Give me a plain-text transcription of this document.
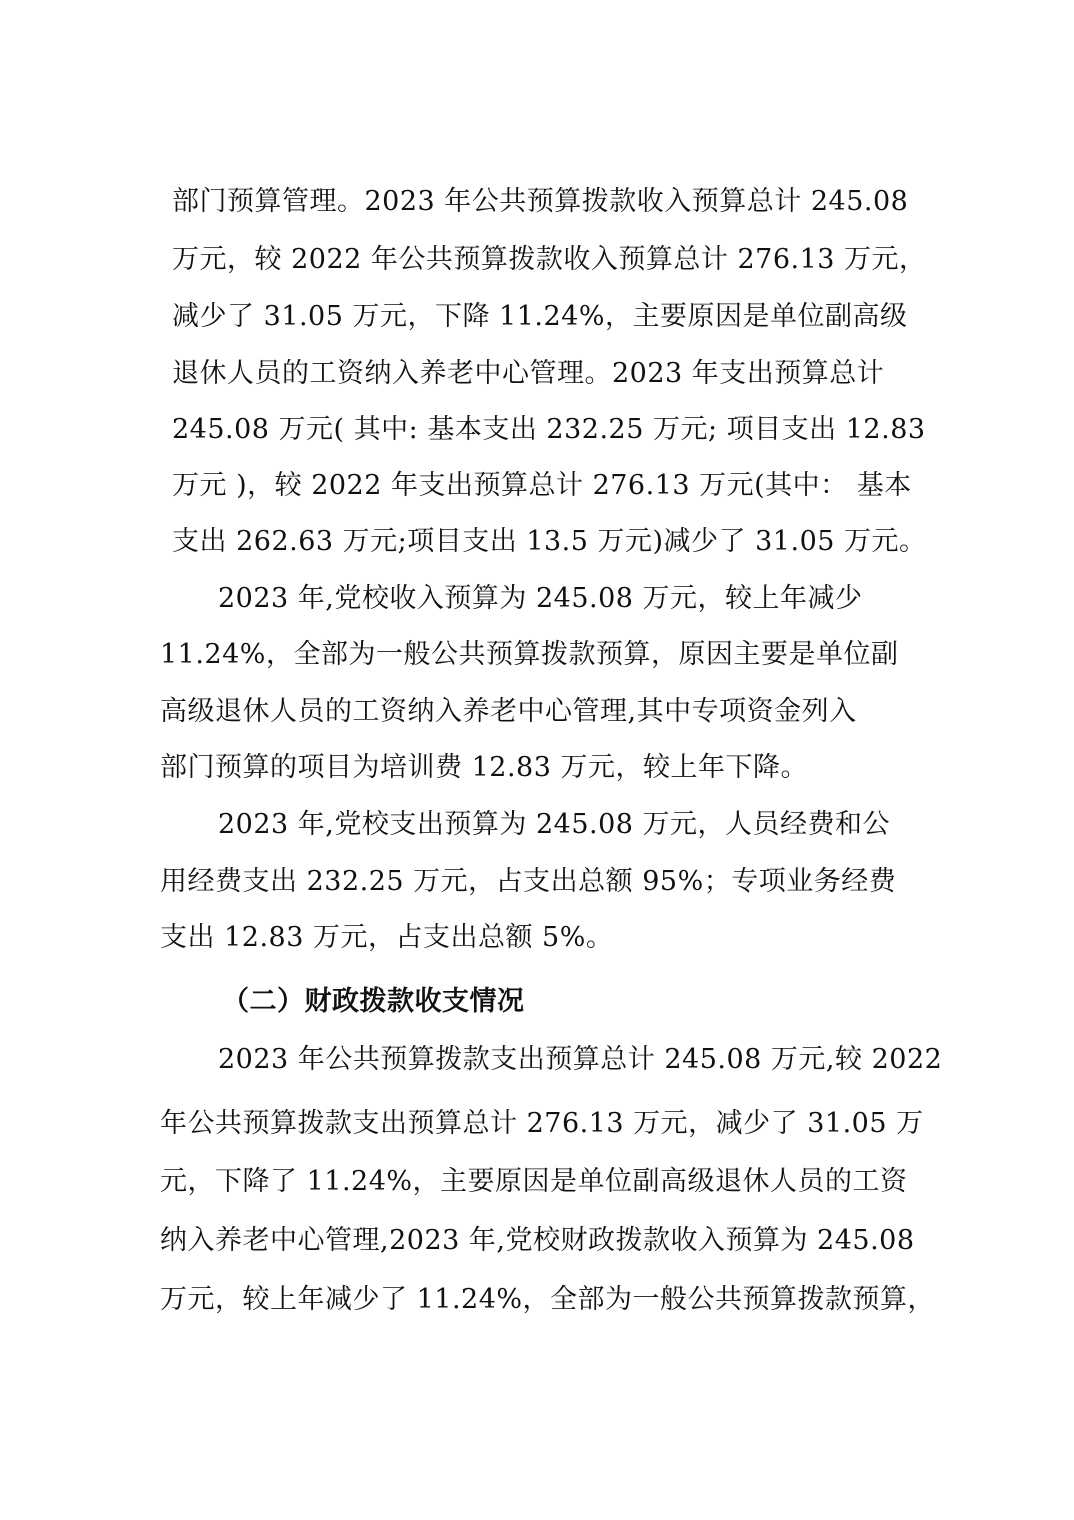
部门预算管理。2023 年公共预算拨款收入预算总计 245.08
万元，较 2022 年公共预算拨款收入预算总计 276.13 万元，
减少了 31.05 万元，下降 11.24%，主要原因是单位副高级
退休人员的工资纳入养老中心管理。2023 年支出预算总计
245.08 万元( 其中: 基本支出 232.25 万元; 项目支出 12.83
万元 )，较 2022 年支出预算总计 276.13 万元(其中： 基本
支出 262.63 万元;项目支出 13.5 万元)减少了 31.05 万元。
2023 年,党校收入预算为 245.08 万元，较上年减少
11.24%，全部为一般公共预算拨款预算，原因主要是单位副
高级退休人员的工资纳入养老中心管理,其中专项资金列入
部门预算的项目为培训费 12.83 万元，较上年下降。
2023 年,党校支出预算为 245.08 万元，人员经费和公
用经费支出 232.25 万元，占支出总额 95%；专项业务经费
支出 12.83 万元，占支出总额 5%。
（二）财政拨款收支情况
2023 年公共预算拨款支出预算总计 245.08 万元,较 2022
年公共预算拨款支出预算总计 276.13 万元，减少了 31.05 万
元，下降了 11.24%，主要原因是单位副高级退休人员的工资
纳入养老中心管理,2023 年,党校财政拨款收入预算为 245.08
万元，较上年减少了 11.24%，全部为一般公共预算拨款预算，
